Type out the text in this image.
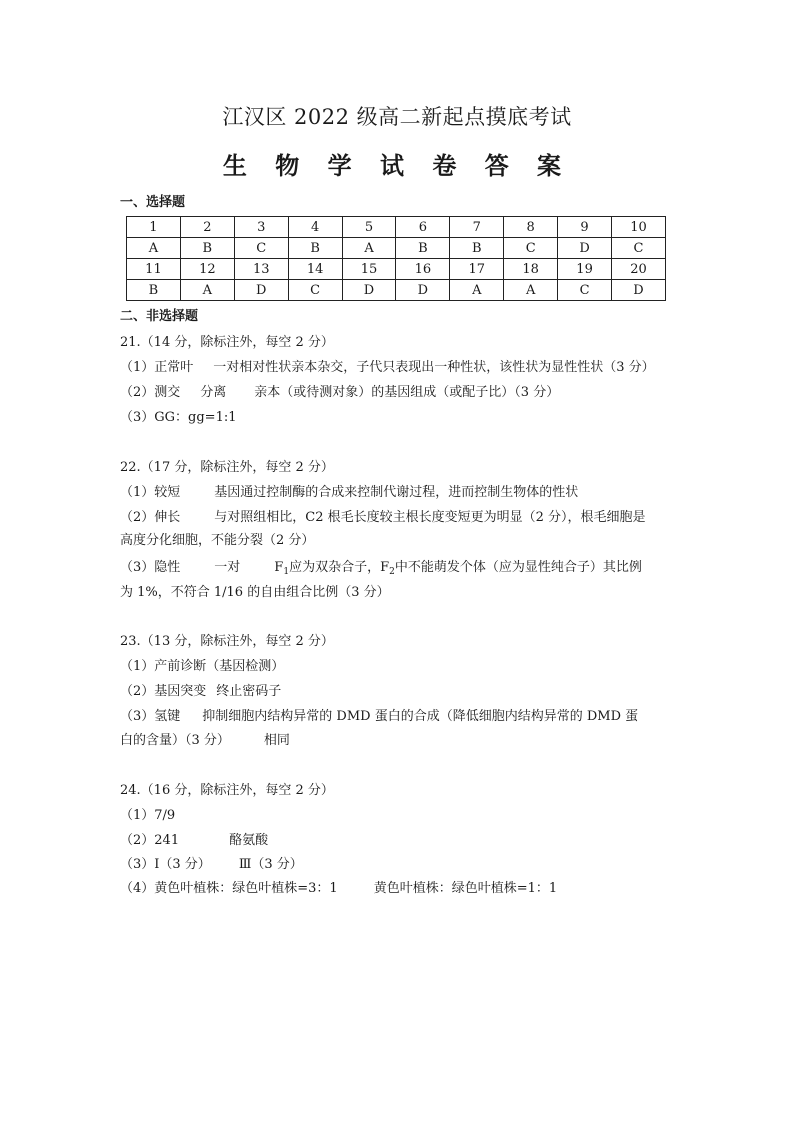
江汉区 2022 级高二新起点摸底考试
生 物 学 试 卷 答 案
一、选择题
1	2	3	4	5	6	7	8	9	10
A	B	C	B	A	B	B	C	D	C
11	12	13	14	15	16	17	18	19	20
B	A	D	C	D	D	A	A	C	D
二、非选择题
21.（14 分，除标注外，每空 2 分）
（1）正常叶 一对相对性状亲本杂交，子代只表现出一种性状，该性状为显性性状（3 分）
（2）测交 分离 亲本（或待测对象）的基因组成（或配子比）（3 分）
（3）GG：gg=1:1
22.（17 分，除标注外，每空 2 分）
（1）较短	基因通过控制酶的合成来控制代谢过程，进而控制生物体的性状
（2）伸长	与对照组相比，C2 根毛长度较主根长度变短更为明显（2 分），根毛细胞是
高度分化细胞，不能分裂（2 分）
（3）隐性	一对	$F_1$应为双杂合子，$F_2$中不能萌发个体（应为显性纯合子）其比例
为 1%，不符合 1/16 的自由组合比例（3 分）
23.（13 分，除标注外，每空 2 分）
（1）产前诊断（基因检测）
（2）基因突变 终止密码子
（3）氢键 抑制细胞内结构异常的 DMD 蛋白的合成（降低细胞内结构异常的 DMD 蛋
白的含量）（3 分）	相同
24.（16 分，除标注外，每空 2 分）
（1）7/9
（2）241	酪氨酸
（3）Ⅰ（3 分） Ⅲ（3 分）
（4）黄色叶植株：绿色叶植株=3：1	黄色叶植株：绿色叶植株=1：1
